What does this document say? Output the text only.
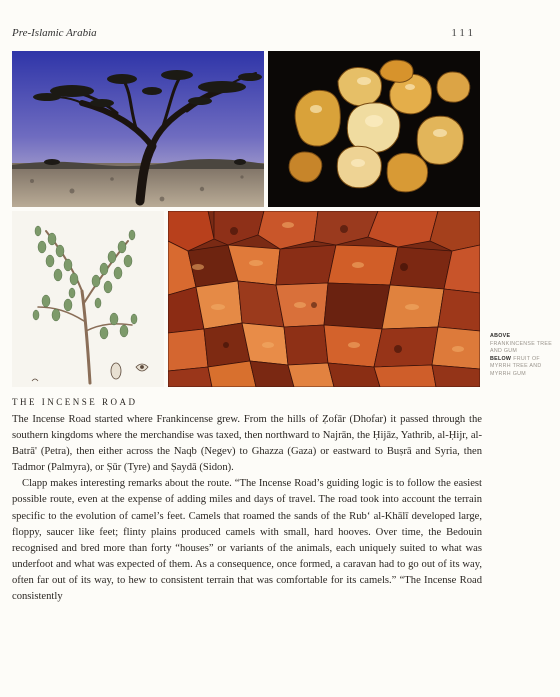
Pre-Islamic Arabia	111
ABOVE
FRANKINCENSE TREE AND GUM
BELOW FRUIT OF MYRRH TREE AND MYRRH GUM
THE INCENSE ROAD

The Incense Road started where Frankincense grew. From the hills of Ẓofār (Dhofar) it passed through the southern kingdoms where the merchandise was taxed, then northward to Najrān, the Ḥijāz, Yathrib, al-Ḥijr, al-Batrā' (Petra), then either across the Naqb (Negev) to Ghazza (Gaza) or eastward to Buṣrā and Syria, then Tadmor (Palmyra), or Ṣūr (Tyre) and Ṣaydā (Sidon).

Clapp makes interesting remarks about the route. “The Incense Road’s guiding logic is to follow the easiest possible route, even at the expense of adding miles and days of travel. The road took into account the terrain specific to the evolution of camel’s feet. Camels that roamed the sands of the Rub‘ al-Khālī developed large, floppy, saucer like feet; flinty plains produced camels with small, hard hooves. Over time, the Bedouin recognised and bred more than forty “houses” or variants of the animals, each uniquely suited to what was underfoot and what was expected of them. As a consequence, once formed, a caravan had to go out of its way, often far out of its way, to hew to consistent terrain that was comfortable for its camels.” “The Incense Road consistently
